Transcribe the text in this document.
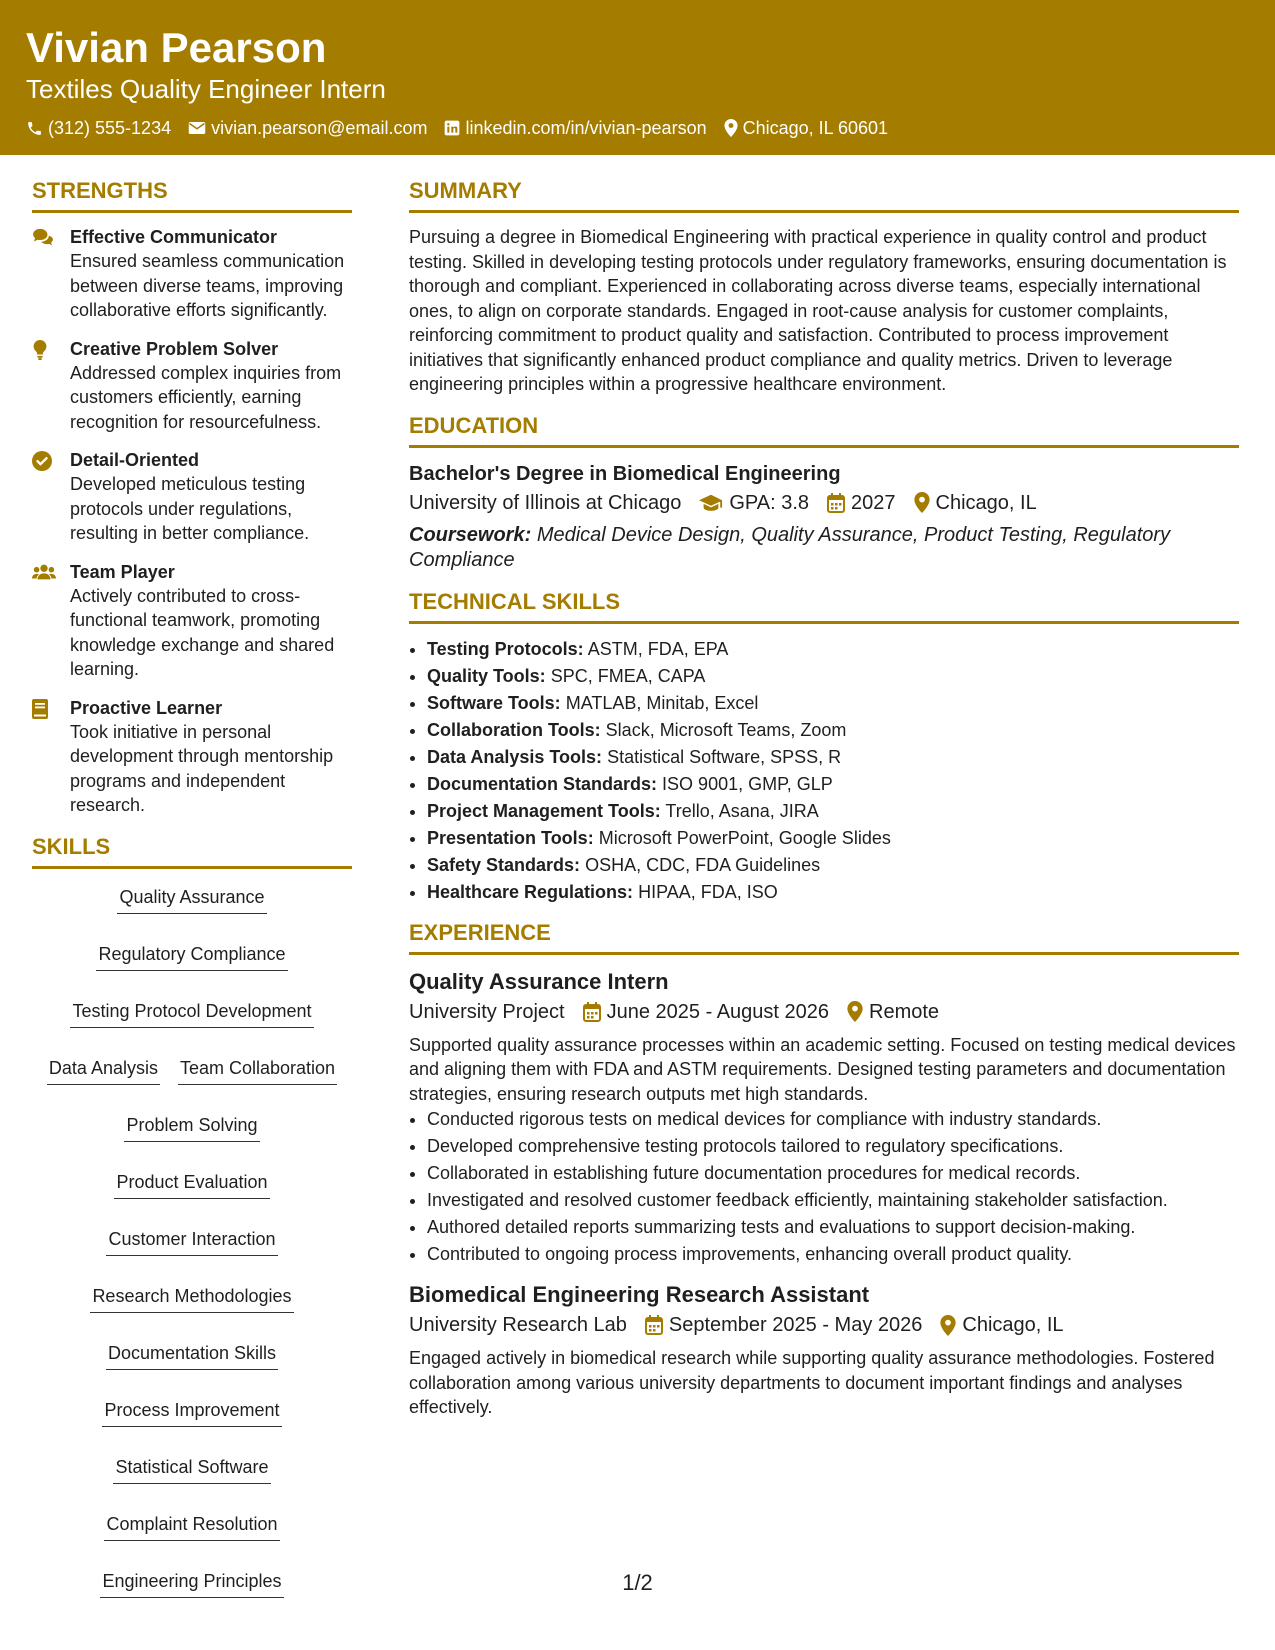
Vivian Pearson
Textiles Quality Engineer Intern
(312) 555-1234 vivian.pearson@email.com linkedin.com/in/vivian-pearson Chicago, IL 60601
STRENGTHS
Effective Communicator
Ensured seamless communication between diverse teams, improving collaborative efforts significantly.
Creative Problem Solver
Addressed complex inquiries from customers efficiently, earning recognition for resourcefulness.
Detail-Oriented
Developed meticulous testing protocols under regulations, resulting in better compliance.
Team Player
Actively contributed to cross-functional teamwork, promoting knowledge exchange and shared learning.
Proactive Learner
Took initiative in personal development through mentorship programs and independent research.
SKILLS
Quality Assurance
Regulatory Compliance
Testing Protocol Development
Data Analysis Team Collaboration
Problem Solving
Product Evaluation
Customer Interaction
Research Methodologies
Documentation Skills
Process Improvement
Statistical Software
Complaint Resolution
Engineering Principles
SUMMARY
Pursuing a degree in Biomedical Engineering with practical experience in quality control and product testing. Skilled in developing testing protocols under regulatory frameworks, ensuring documentation is thorough and compliant. Experienced in collaborating across diverse teams, especially international ones, to align on corporate standards. Engaged in root-cause analysis for customer complaints, reinforcing commitment to product quality and satisfaction. Contributed to process improvement initiatives that significantly enhanced product compliance and quality metrics. Driven to leverage engineering principles within a progressive healthcare environment.
EDUCATION
Bachelor's Degree in Biomedical Engineering
University of Illinois at Chicago GPA: 3.8 2027 Chicago, IL
Coursework: Medical Device Design, Quality Assurance, Product Testing, Regulatory Compliance
TECHNICAL SKILLS
• Testing Protocols: ASTM, FDA, EPA
• Quality Tools: SPC, FMEA, CAPA
• Software Tools: MATLAB, Minitab, Excel
• Collaboration Tools: Slack, Microsoft Teams, Zoom
• Data Analysis Tools: Statistical Software, SPSS, R
• Documentation Standards: ISO 9001, GMP, GLP
• Project Management Tools: Trello, Asana, JIRA
• Presentation Tools: Microsoft PowerPoint, Google Slides
• Safety Standards: OSHA, CDC, FDA Guidelines
• Healthcare Regulations: HIPAA, FDA, ISO
EXPERIENCE
Quality Assurance Intern
University Project June 2025 - August 2026 Remote
Supported quality assurance processes within an academic setting. Focused on testing medical devices and aligning them with FDA and ASTM requirements. Designed testing parameters and documentation strategies, ensuring research outputs met high standards.
• Conducted rigorous tests on medical devices for compliance with industry standards.
• Developed comprehensive testing protocols tailored to regulatory specifications.
• Collaborated in establishing future documentation procedures for medical records.
• Investigated and resolved customer feedback efficiently, maintaining stakeholder satisfaction.
• Authored detailed reports summarizing tests and evaluations to support decision-making.
• Contributed to ongoing process improvements, enhancing overall product quality.
Biomedical Engineering Research Assistant
University Research Lab September 2025 - May 2026 Chicago, IL
Engaged actively in biomedical research while supporting quality assurance methodologies. Fostered collaboration among various university departments to document important findings and analyses effectively.
1/2
